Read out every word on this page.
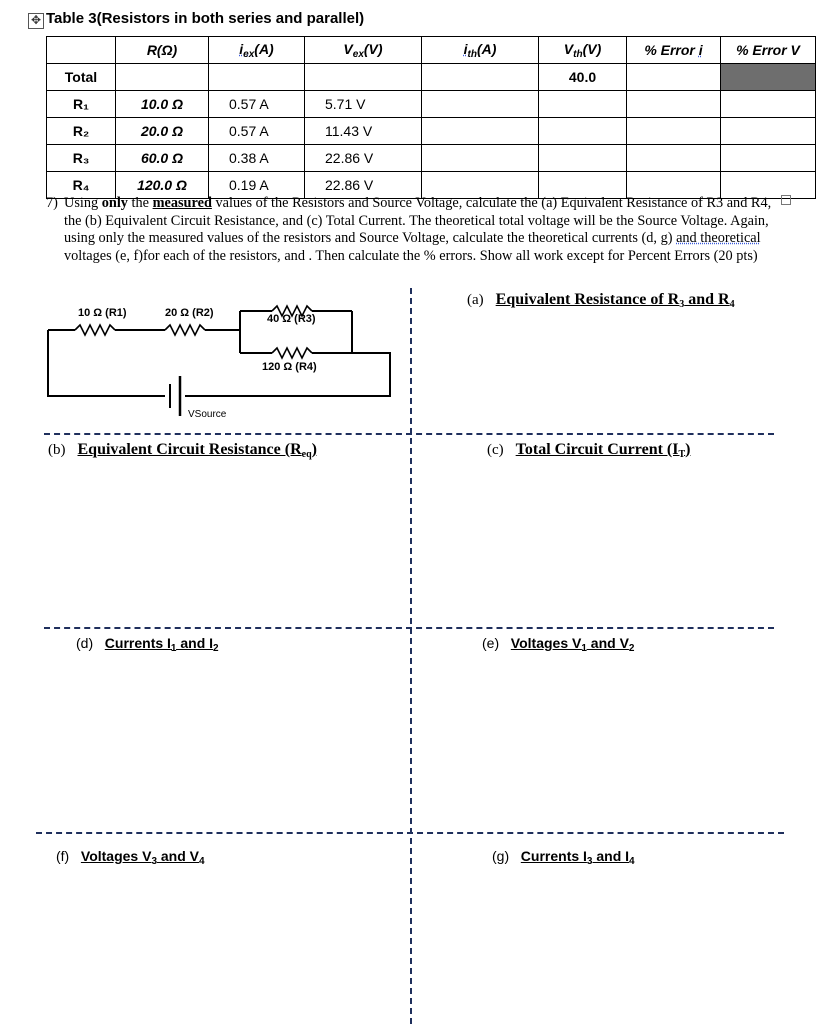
✥ Table 3(Resistors in both series and parallel)
	R(Ω)	$i_{ex}(A)$	$V_{ex}(V)$	$i_{th}(A)$	$V_{th}(V)$	% Error i	% Error V
Total					40.0		
R₁	10.0 Ω	0.57 A	5.71 V				
R₂	20.0 Ω	0.57 A	11.43 V				
R₃	60.0 Ω	0.38 A	22.86 V				
R₄	120.0 Ω	0.19 A	22.86 V				
7) Using only the measured values of the Resistors and Source Voltage, calculate the (a) Equivalent Resistance of R3 and R4, the (b) Equivalent Circuit Resistance, and (c) Total Current. The theoretical total voltage will be the Source Voltage. Again, using only the measured values of the resistors and Source Voltage, calculate the theoretical currents (d, g) and theoretical voltages (e, f)for each of the resistors, and . Then calculate the % errors. Show all work except for Percent Errors (20 pts)
10 Ω (R1)	20 Ω (R2)	40 Ω (R3)
120 Ω (R4)
VSource
(a) Equivalent Resistance of $R_3$ and $R_4$
(b) Equivalent Circuit Resistance $(R_{eq})$	(c) Total Circuit Current $(I_T)$
(d) Currents $I_1$ and $I_2$	(e) Voltages $V_1$ and $V_2$
(f) Voltages $V_3$ and $V_4$	(g) Currents $I_3$ and $I_4$
